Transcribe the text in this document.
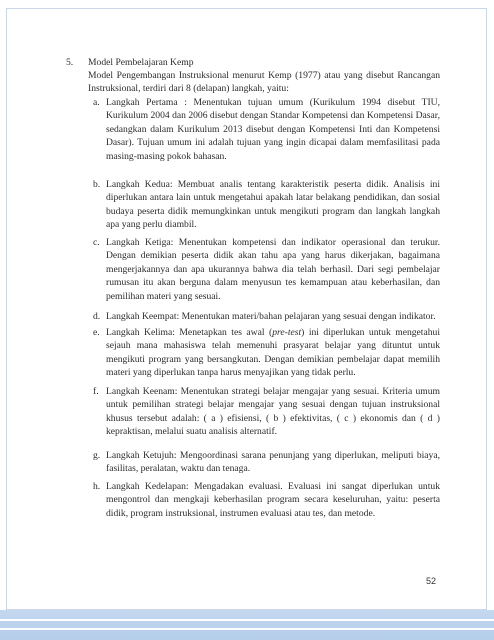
5. Model Pembelajaran Kemp
Model Pengembangan Instruksional menurut Kemp (1977) atau yang disebut Rancangan Instruksional, terdiri dari 8 (delapan) langkah, yaitu:
a. Langkah Pertama : Menentukan tujuan umum (Kurikulum 1994 disebut TIU, Kurikulum 2004 dan 2006 disebut dengan Standar Kompetensi dan Kompetensi Dasar, sedangkan dalam Kurikulum 2013 disebut dengan Kompetensi Inti dan Kompetensi Dasar). Tujuan umum ini adalah tujuan yang ingin dicapai dalam memfasilitasi pada masing-masing pokok bahasan.
b. Langkah Kedua: Membuat analis tentang karakteristik peserta didik. Analisis ini diperlukan antara lain untuk mengetahui apakah latar belakang pendidikan, dan sosial budaya peserta didik memungkinkan untuk mengikuti program dan langkah langkah apa yang perlu diambil.
c. Langkah Ketiga: Menentukan kompetensi dan indikator operasional dan terukur. Dengan demikian peserta didik akan tahu apa yang harus dikerjakan, bagaimana mengerjakannya dan apa ukurannya bahwa dia telah berhasil. Dari segi pembelajar rumusan itu akan berguna dalam menyusun tes kemampuan atau keberhasilan, dan pemilihan materi yang sesuai.
d. Langkah Keempat: Menentukan materi/bahan pelajaran yang sesuai dengan indikator.
e. Langkah Kelima: Menetapkan tes awal (pre-test) ini diperlukan untuk mengetahui sejauh mana mahasiswa telah memenuhi prasyarat belajar yang dituntut untuk mengikuti program yang bersangkutan. Dengan demikian pembelajar dapat memilih materi yang diperlukan tanpa harus menyajikan yang tidak perlu.
f. Langkah Keenam: Menentukan strategi belajar mengajar yang sesuai. Kriteria umum untuk pemilihan strategi belajar mengajar yang sesuai dengan tujuan instruksional khusus tersebut adalah: ( a ) efisiensi, ( b ) efektivitas, ( c ) ekonomis dan ( d ) kepraktisan, melalui suatu analisis alternatif.
g. Langkah Ketujuh: Mengoordinasi sarana penunjang yang diperlukan, meliputi biaya, fasilitas, peralatan, waktu dan tenaga.
h. Langkah Kedelapan: Mengadakan evaluasi. Evaluasi ini sangat diperlukan untuk mengontrol dan mengkaji keberhasilan program secara keseluruhan, yaitu: peserta didik, program instruksional, instrumen evaluasi atau tes, dan metode.
52
